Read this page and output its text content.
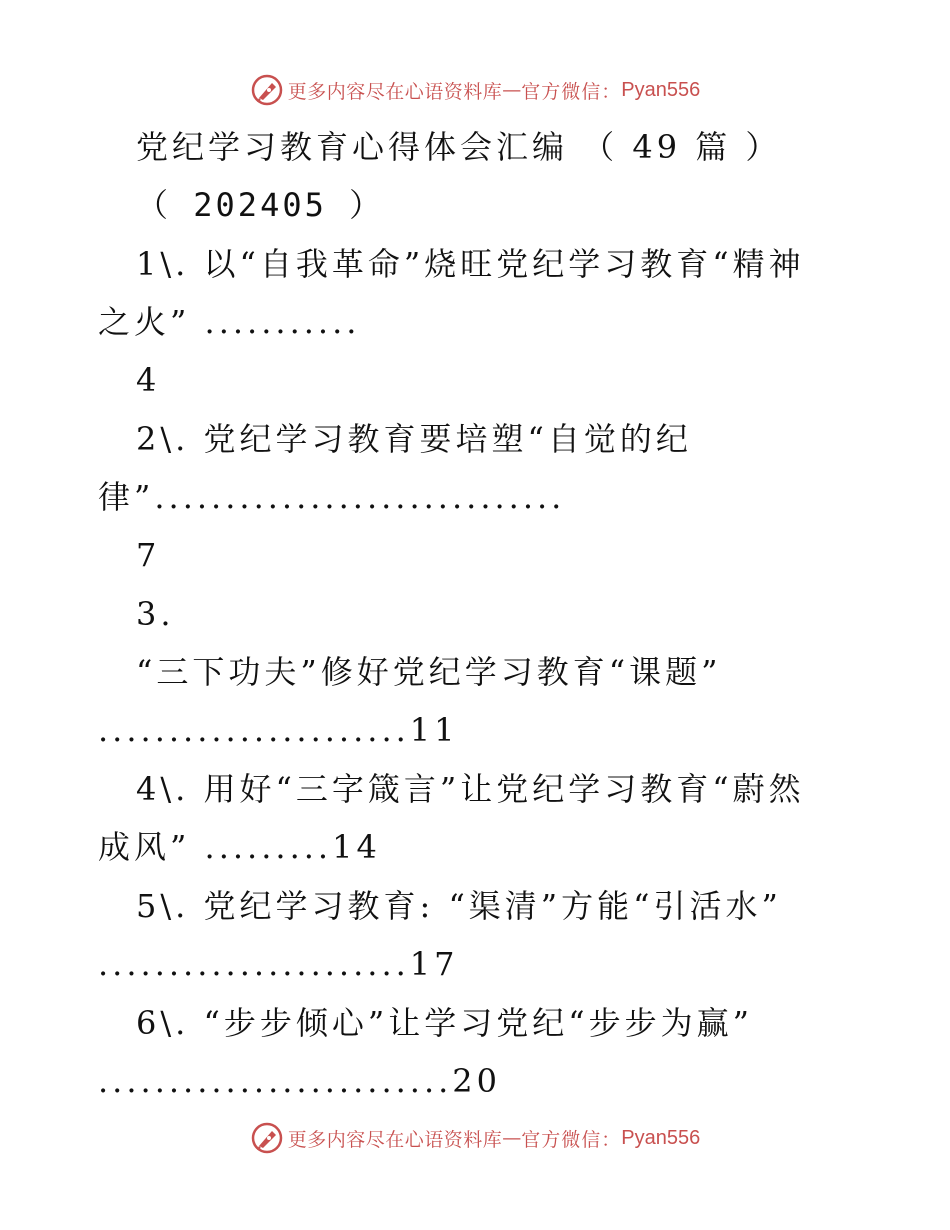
更多内容尽在心语资料库 — 官方微信： Pyan556
党纪学习教育心得体会汇编 （ 49 篇 ）
（ 202405 ）
1\. 以“自我革命”烧旺党纪学习教育“精神
之火” ...........
4
2\. 党纪学习教育要培塑“自觉的纪
律”.............................
7
3.
“三下功夫”修好党纪学习教育“课题”
......................11
4\. 用好“三字箴言”让党纪学习教育“蔚然
成风” .........14
5\. 党纪学习教育: “渠清”方能“引活水”
......................17
6\. “步步倾心”让学习党纪“步步为赢”
.........................20
更多内容尽在心语资料库 — 官方微信： Pyan556
